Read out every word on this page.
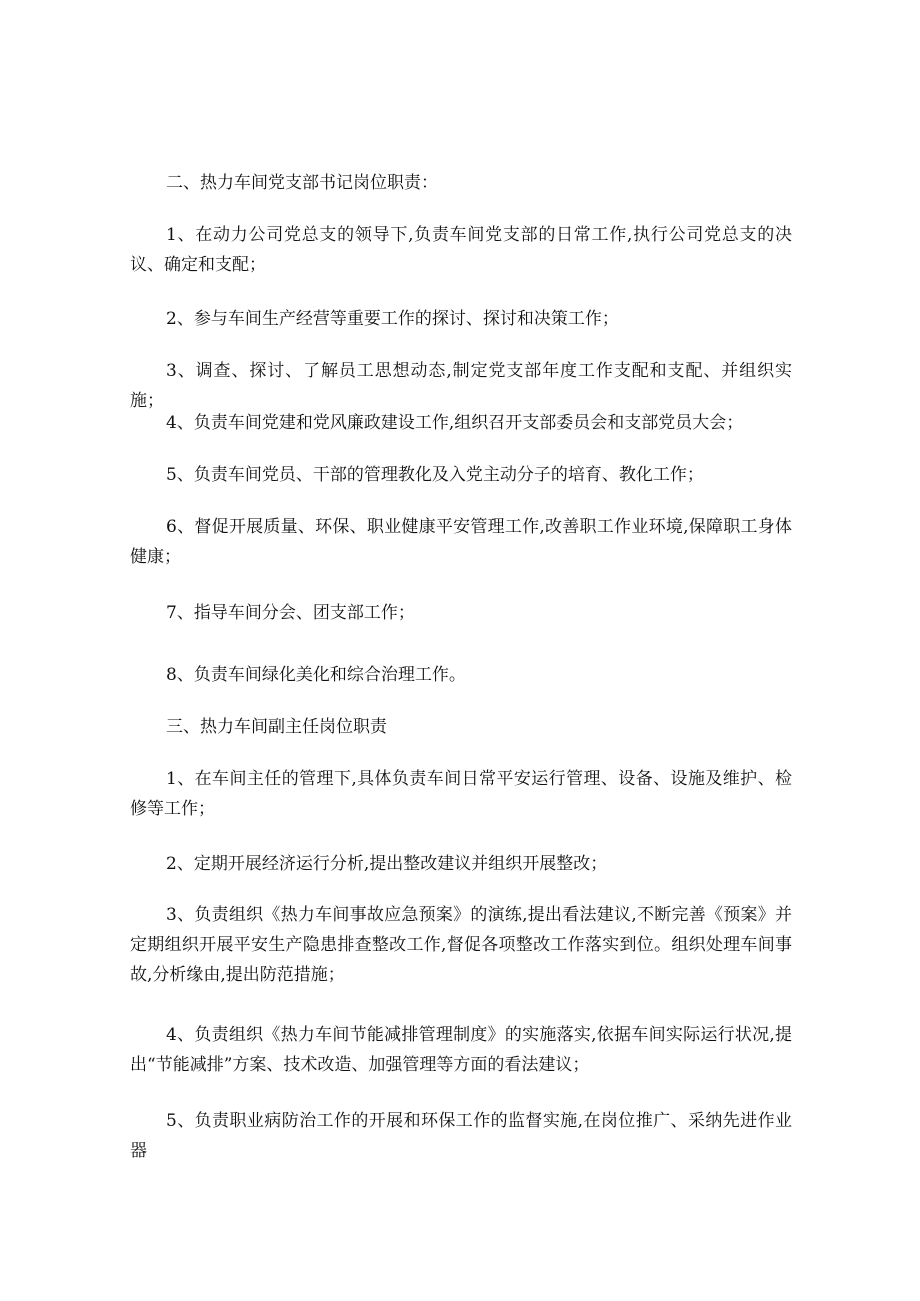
二、热力车间党支部书记岗位职责：

1、在动力公司党总支的领导下,负责车间党支部的日常工作,执行公司党总支的决议、确定和支配；

2、参与车间生产经营等重要工作的探讨、探讨和决策工作；

3、调查、探讨、了解员工思想动态,制定党支部年度工作支配和支配、并组织实施；

4、负责车间党建和党风廉政建设工作,组织召开支部委员会和支部党员大会；

5、负责车间党员、干部的管理教化及入党主动分子的培育、教化工作；

6、督促开展质量、环保、职业健康平安管理工作,改善职工作业环境,保障职工身体健康；

7、指导车间分会、团支部工作；

8、负责车间绿化美化和综合治理工作。

三、热力车间副主任岗位职责

1、在车间主任的管理下,具体负责车间日常平安运行管理、设备、设施及维护、检修等工作；

2、定期开展经济运行分析,提出整改建议并组织开展整改；

3、负责组织《热力车间事故应急预案》的演练,提出看法建议,不断完善《预案》并定期组织开展平安生产隐患排查整改工作,督促各项整改工作落实到位。组织处理车间事故,分析缘由,提出防范措施；

4、负责组织《热力车间节能减排管理制度》的实施落实,依据车间实际运行状况,提出“节能减排”方案、技术改造、加强管理等方面的看法建议；

5、负责职业病防治工作的开展和环保工作的监督实施,在岗位推广、采纳先进作业器
